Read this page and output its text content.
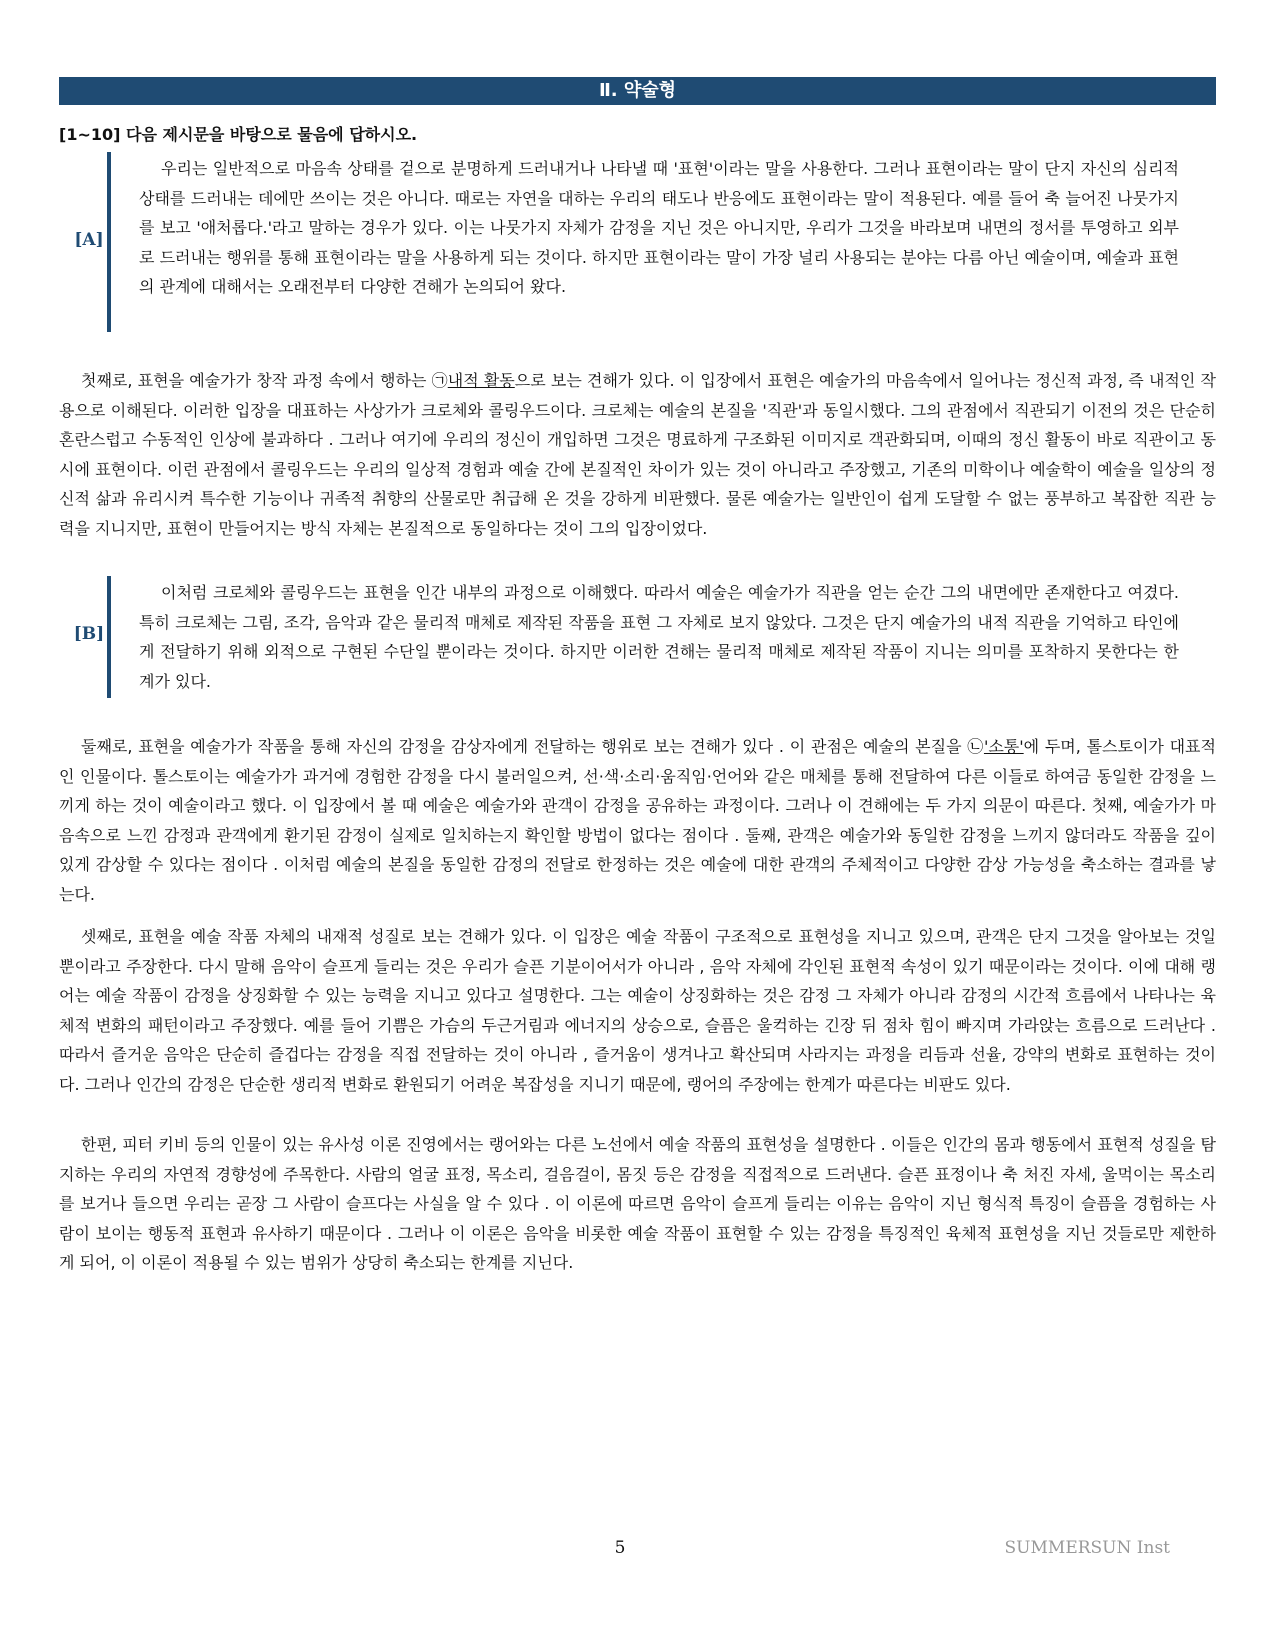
Ⅱ. 약술형
[1~10] 다음 제시문을 바탕으로 물음에 답하시오.
[A]
우리는 일반적으로 마음속 상태를 겉으로 분명하게 드러내거나 나타낼 때 '표현'이라는 말을 사용한다. 그러나 표현이라는 말이 단지 자신의 심리적 상태를 드러내는 데에만 쓰이는 것은 아니다. 때로는 자연을 대하는 우리의 태도나 반응에도 표현이라는 말이 적용된다. 예를 들어 축 늘어진 나뭇가지를 보고 '애처롭다.'라고 말하는 경우가 있다. 이는 나뭇가지 자체가 감정을 지닌 것은 아니지만, 우리가 그것을 바라보며 내면의 정서를 투영하고 외부로 드러내는 행위를 통해 표현이라는 말을 사용하게 되는 것이다. 하지만 표현이라는 말이 가장 널리 사용되는 분야는 다름 아닌 예술이며, 예술과 표현의 관계에 대해서는 오래전부터 다양한 견해가 논의되어 왔다.
첫째로, 표현을 예술가가 창작 과정 속에서 행하는 ㉠내적 활동으로 보는 견해가 있다. 이 입장에서 표현은 예술가의 마음속에서 일어나는 정신적 과정, 즉 내적인 작용으로 이해된다. 이러한 입장을 대표하는 사상가가 크로체와 콜링우드이다. 크로체는 예술의 본질을 '직관'과 동일시했다. 그의 관점에서 직관되기 이전의 것은 단순히 혼란스럽고 수동적인 인상에 불과하다 . 그러나 여기에 우리의 정신이 개입하면 그것은 명료하게 구조화된 이미지로 객관화되며, 이때의 정신 활동이 바로 직관이고 동시에 표현이다. 이런 관점에서 콜링우드는 우리의 일상적 경험과 예술 간에 본질적인 차이가 있는 것이 아니라고 주장했고, 기존의 미학이나 예술학이 예술을 일상의 정신적 삶과 유리시켜 특수한 기능이나 귀족적 취향의 산물로만 취급해 온 것을 강하게 비판했다. 물론 예술가는 일반인이 쉽게 도달할 수 없는 풍부하고 복잡한 직관 능력을 지니지만, 표현이 만들어지는 방식 자체는 본질적으로 동일하다는 것이 그의 입장이었다.
[B]
이처럼 크로체와 콜링우드는 표현을 인간 내부의 과정으로 이해했다. 따라서 예술은 예술가가 직관을 얻는 순간 그의 내면에만 존재한다고 여겼다. 특히 크로체는 그림, 조각, 음악과 같은 물리적 매체로 제작된 작품을 표현 그 자체로 보지 않았다. 그것은 단지 예술가의 내적 직관을 기억하고 타인에게 전달하기 위해 외적으로 구현된 수단일 뿐이라는 것이다. 하지만 이러한 견해는 물리적 매체로 제작된 작품이 지니는 의미를 포착하지 못한다는 한계가 있다.
둘째로, 표현을 예술가가 작품을 통해 자신의 감정을 감상자에게 전달하는 행위로 보는 견해가 있다 . 이 관점은 예술의 본질을 ㉡'소통'에 두며, 톨스토이가 대표적인 인물이다. 톨스토이는 예술가가 과거에 경험한 감정을 다시 불러일으켜, 선·색·소리·움직임·언어와 같은 매체를 통해 전달하여 다른 이들로 하여금 동일한 감정을 느끼게 하는 것이 예술이라고 했다. 이 입장에서 볼 때 예술은 예술가와 관객이 감정을 공유하는 과정이다. 그러나 이 견해에는 두 가지 의문이 따른다. 첫째, 예술가가 마음속으로 느낀 감정과 관객에게 환기된 감정이 실제로 일치하는지 확인할 방법이 없다는 점이다 . 둘째, 관객은 예술가와 동일한 감정을 느끼지 않더라도 작품을 깊이 있게 감상할 수 있다는 점이다 . 이처럼 예술의 본질을 동일한 감정의 전달로 한정하는 것은 예술에 대한 관객의 주체적이고 다양한 감상 가능성을 축소하는 결과를 낳는다.
셋째로, 표현을 예술 작품 자체의 내재적 성질로 보는 견해가 있다. 이 입장은 예술 작품이 구조적으로 표현성을 지니고 있으며, 관객은 단지 그것을 알아보는 것일 뿐이라고 주장한다. 다시 말해 음악이 슬프게 들리는 것은 우리가 슬픈 기분이어서가 아니라 , 음악 자체에 각인된 표현적 속성이 있기 때문이라는 것이다. 이에 대해 랭어는 예술 작품이 감정을 상징화할 수 있는 능력을 지니고 있다고 설명한다. 그는 예술이 상징화하는 것은 감정 그 자체가 아니라 감정의 시간적 흐름에서 나타나는 육체적 변화의 패턴이라고 주장했다. 예를 들어 기쁨은 가슴의 두근거림과 에너지의 상승으로, 슬픔은 울컥하는 긴장 뒤 점차 힘이 빠지며 가라앉는 흐름으로 드러난다 . 따라서 즐거운 음악은 단순히 즐겁다는 감정을 직접 전달하는 것이 아니라 , 즐거움이 생겨나고 확산되며 사라지는 과정을 리듬과 선율, 강약의 변화로 표현하는 것이다. 그러나 인간의 감정은 단순한 생리적 변화로 환원되기 어려운 복잡성을 지니기 때문에, 랭어의 주장에는 한계가 따른다는 비판도 있다.
한편, 피터 키비 등의 인물이 있는 유사성 이론 진영에서는 랭어와는 다른 노선에서 예술 작품의 표현성을 설명한다 . 이들은 인간의 몸과 행동에서 표현적 성질을 탐지하는 우리의 자연적 경향성에 주목한다. 사람의 얼굴 표정, 목소리, 걸음걸이, 몸짓 등은 감정을 직접적으로 드러낸다. 슬픈 표정이나 축 처진 자세, 울먹이는 목소리를 보거나 들으면 우리는 곧장 그 사람이 슬프다는 사실을 알 수 있다 . 이 이론에 따르면 음악이 슬프게 들리는 이유는 음악이 지닌 형식적 특징이 슬픔을 경험하는 사람이 보이는 행동적 표현과 유사하기 때문이다 . 그러나 이 이론은 음악을 비롯한 예술 작품이 표현할 수 있는 감정을 특징적인 육체적 표현성을 지닌 것들로만 제한하게 되어, 이 이론이 적용될 수 있는 범위가 상당히 축소되는 한계를 지닌다.
5	SUMMERSUN Inst
